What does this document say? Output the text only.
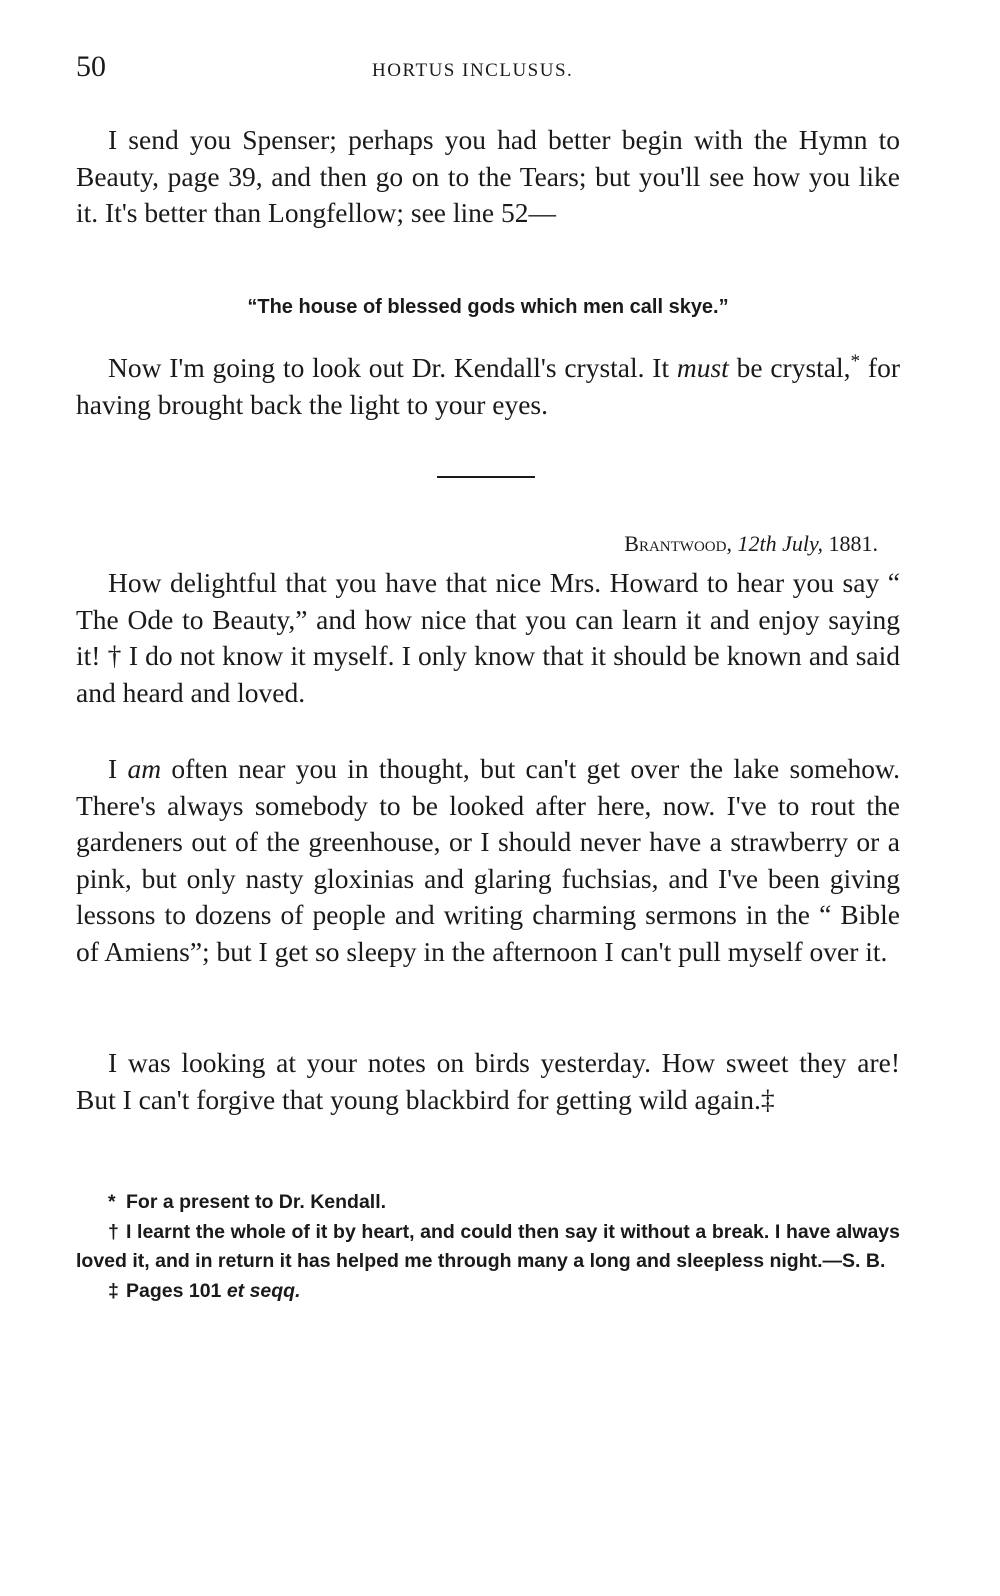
50	HORTUS INCLUSUS.

I send you Spenser; perhaps you had better begin with the Hymn to Beauty, page 39, and then go on to the Tears; but you'll see how you like it. It's better than Longfellow; see line 52—

“The house of blessed gods which men call skye.”

Now I'm going to look out Dr. Kendall's crystal. It must be crystal,* for having brought back the light to your eyes.

Brantwood, 12th July, 1881.

How delightful that you have that nice Mrs. Howard to hear you say “ The Ode to Beauty,” and how nice that you can learn it and enjoy saying it! † I do not know it myself. I only know that it should be known and said and heard and loved.

I am often near you in thought, but can't get over the lake somehow. There's always somebody to be looked after here, now. I've to rout the gardeners out of the greenhouse, or I should never have a strawberry or a pink, but only nasty gloxinias and glaring fuchsias, and I've been giving lessons to dozens of people and writing charming sermons in the “ Bible of Amiens”; but I get so sleepy in the afternoon I can't pull myself over it.

I was looking at your notes on birds yesterday. How sweet they are! But I can't forgive that young blackbird for getting wild again.‡

* For a present to Dr. Kendall.

† I learnt the whole of it by heart, and could then say it without a break. I have always loved it, and in return it has helped me through many a long and sleepless night.—S. B.

‡ Pages 101 et seqq.
